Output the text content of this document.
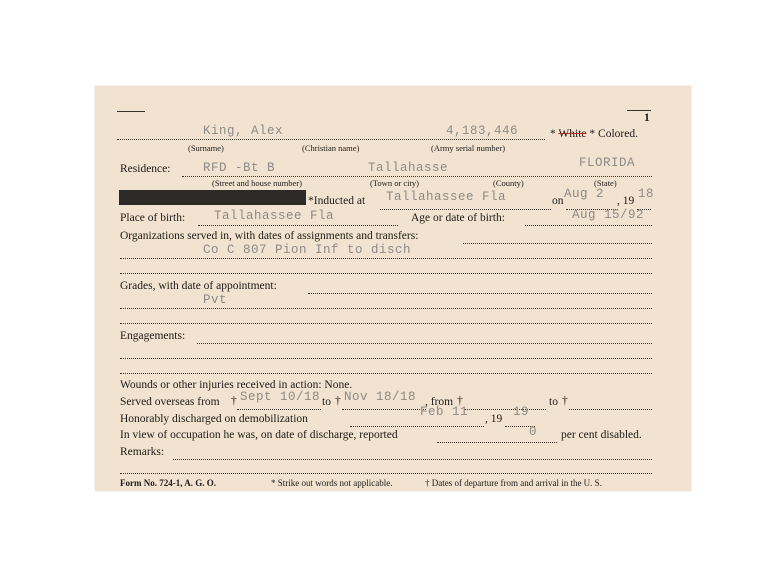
1
King, Alex	4,183,446	* White * Colored.
(Surname)	(Christian name)	(Army serial number)
Residence:	RFD -Bt B	Tallahasse	FLORIDA
(Street and house number)	(Town or city)	(County)	(State)
*Inducted at Tallahassee Fla	on Aug 2 , 19 18
Place of birth: Tallahassee Fla	Age or date of birth:	Aug 15/92
Organizations served in, with dates of assignments and transfers:
Co C 807 Pion Inf to disch
Grades, with date of appointment:
Pvt
Engagements:
Wounds or other injuries received in action: None.
Served overseas from † Sept 10/18 to † Nov 18/18 , from †	to †
Honorably discharged on demobilization	Feb 11 , 19 19
In view of occupation he was, on date of discharge, reported	0 per cent disabled.
Remarks:
Form No. 724-1, A. G. O.	* Strike out words not applicable.	† Dates of departure from and arrival in the U. S.
